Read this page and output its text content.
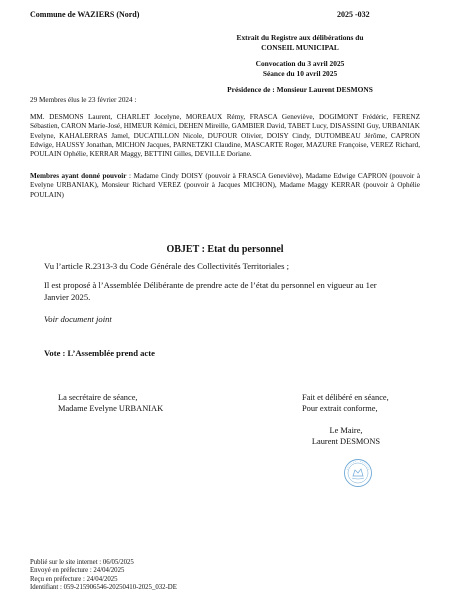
Commune de WAZIERS (Nord)	2025 -032
Extrait du Registre aux délibérations du
CONSEIL MUNICIPAL
Convocation du 3 avril 2025
Séance du 10 avril 2025
Présidence de : Monsieur Laurent DESMONS
29 Membres élus le 23 février 2024 :
MM. DESMONS Laurent, CHARLET Jocelyne, MOREAUX Rémy, FRASCA Geneviève, DOGIMONT Frédéric, FERENZ Sébastien, CARON Marie-José, HIMEUR Kémici, DEHEN Mireille, GAMBIER David, TABET Lucy, DISASSINI Guy, URBANIAK Evelyne, KAHALERRAS Jamel, DUCATILLON Nicole, DUFOUR Olivier, DOISY Cindy, DUTOMBEAU Jérôme, CAPRON Edwige, HAUSSY Jonathan, MICHON Jacques, PARNETZKI Claudine, MASCARTE Roger, MAZURE Françoise, VEREZ Richard, POULAIN Ophélie, KERRAR Maggy, BETTINI Gilles, DEVILLE Doriane.
Membres ayant donné pouvoir : Madame Cindy DOISY (pouvoir à FRASCA Geneviève), Madame Edwige CAPRON (pouvoir à Evelyne URBANIAK), Monsieur Richard VEREZ (pouvoir à Jacques MICHON), Madame Maggy KERRAR (pouvoir à Ophélie POULAIN)
OBJET : Etat du personnel
Vu l’article R.2313-3 du Code Générale des Collectivités Territoriales ;
Il est proposé à l’Assemblée Délibérante de prendre acte de l’état du personnel en vigueur au 1er Janvier 2025.
Voir document joint
Vote : L’Assemblée prend acte
La secrétaire de séance,
Madame Evelyne URBANIAK
Fait et délibéré en séance,
Pour extrait conforme,
Le Maire,
Laurent DESMONS
Publié sur le site internet : 06/05/2025
Envoyé en préfecture : 24/04/2025
Reçu en préfecture : 24/04/2025
Identifiant : 059-215906546-20250410-2025_032-DE
